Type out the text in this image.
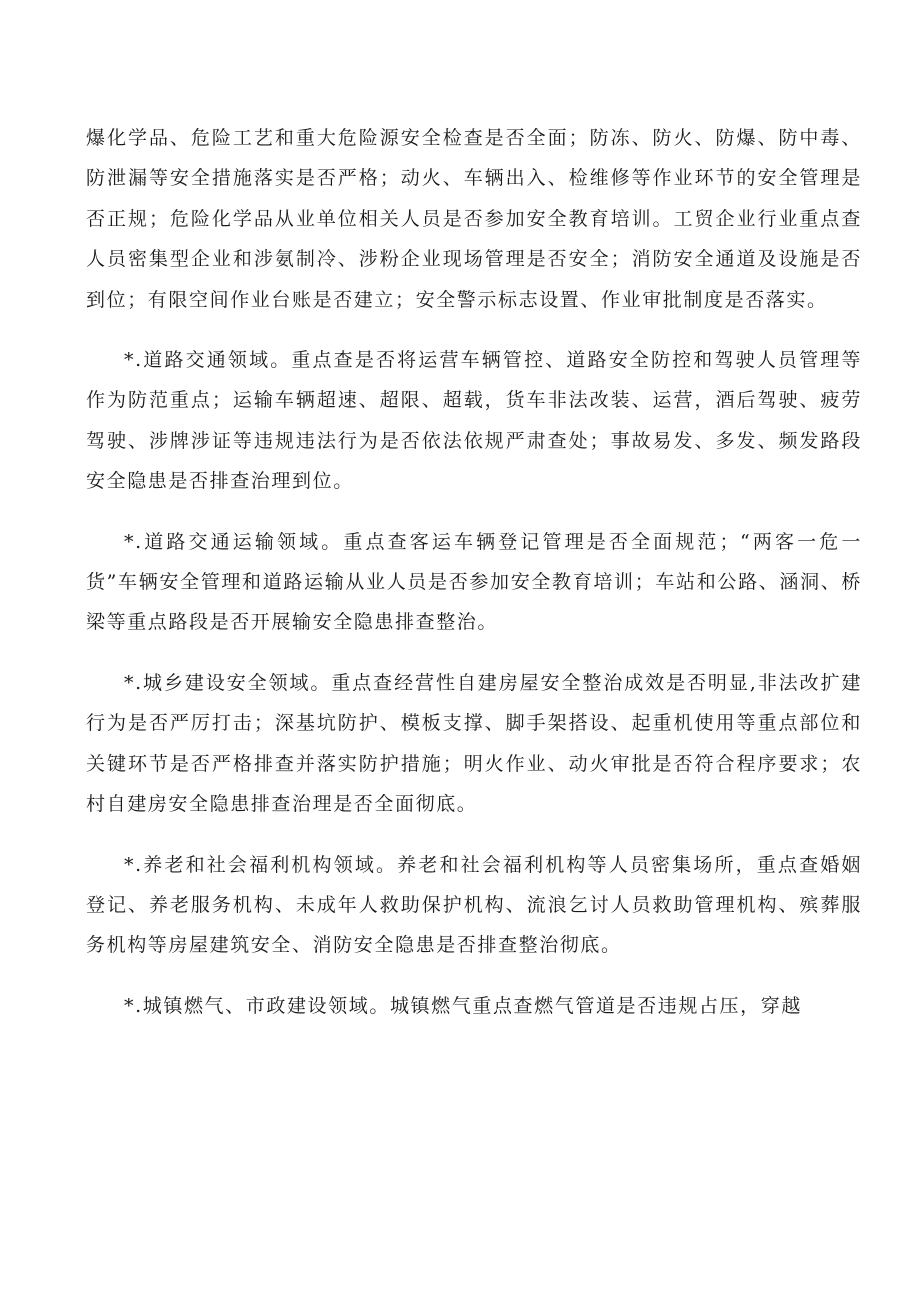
爆化学品、危险工艺和重大危险源安全检查是否全面；防冻、防火、防爆、防中毒、防泄漏等安全措施落实是否严格；动火、车辆出入、检维修等作业环节的安全管理是否正规；危险化学品从业单位相关人员是否参加安全教育培训。工贸企业行业重点查人员密集型企业和涉氨制冷、涉粉企业现场管理是否安全；消防安全通道及设施是否到位；有限空间作业台账是否建立；安全警示标志设置、作业审批制度是否落实。

*.道路交通领域。重点查是否将运营车辆管控、道路安全防控和驾驶人员管理等作为防范重点；运输车辆超速、超限、超载，货车非法改装、运营，酒后驾驶、疲劳驾驶、涉牌涉证等违规违法行为是否依法依规严肃查处；事故易发、多发、频发路段安全隐患是否排查治理到位。

*.道路交通运输领域。重点查客运车辆登记管理是否全面规范；“两客一危一货”车辆安全管理和道路运输从业人员是否参加安全教育培训；车站和公路、涵洞、桥梁等重点路段是否开展输安全隐患排查整治。

*.城乡建设安全领域。重点查经营性自建房屋安全整治成效是否明显,非法改扩建行为是否严厉打击；深基坑防护、模板支撑、脚手架搭设、起重机使用等重点部位和关键环节是否严格排查并落实防护措施；明火作业、动火审批是否符合程序要求；农村自建房安全隐患排查治理是否全面彻底。

*.养老和社会福利机构领域。养老和社会福利机构等人员密集场所，重点查婚姻登记、养老服务机构、未成年人救助保护机构、流浪乞讨人员救助管理机构、殡葬服务机构等房屋建筑安全、消防安全隐患是否排查整治彻底。

*.城镇燃气、市政建设领域。城镇燃气重点查燃气管道是否违规占压，穿越
